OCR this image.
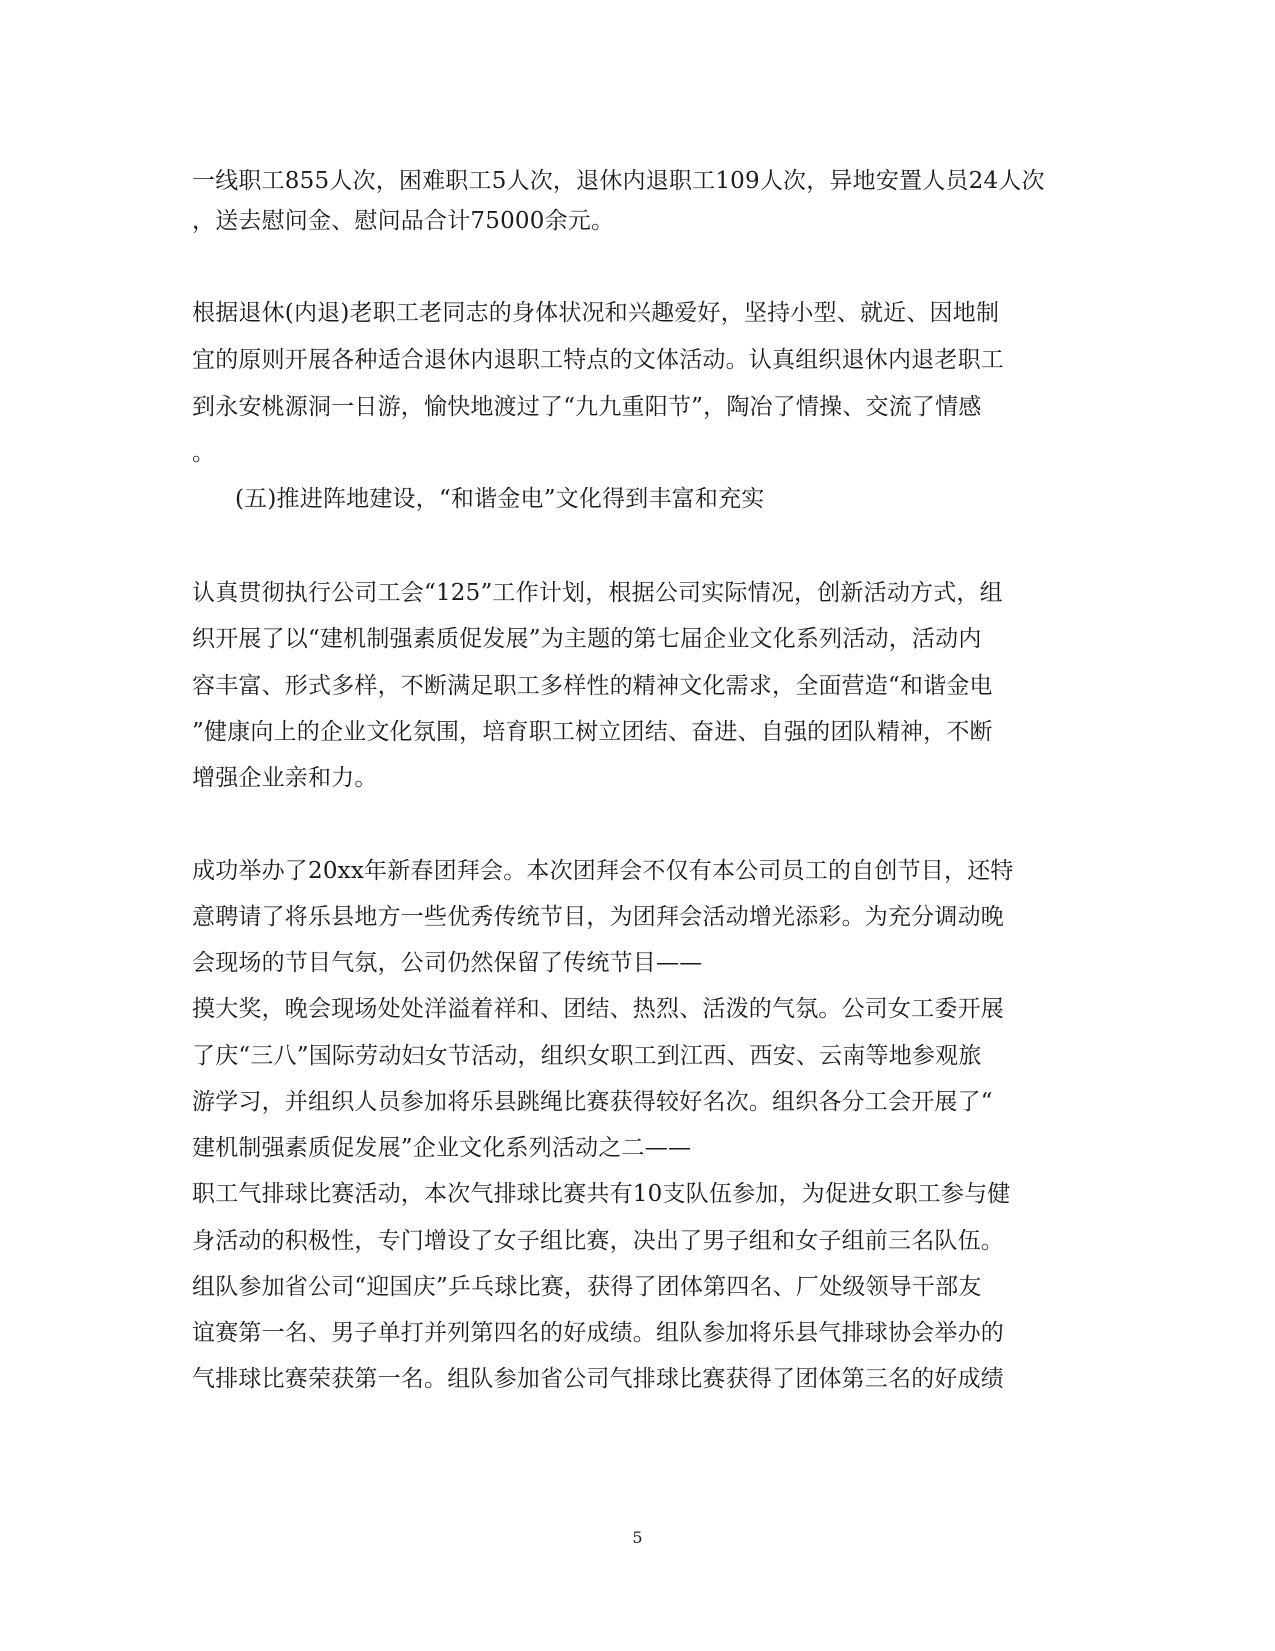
一线职工855人次，困难职工5人次，退休内退职工109人次，异地安置人员24人次
，送去慰问金、慰问品合计75000余元。
根据退休(内退)老职工老同志的身体状况和兴趣爱好，坚持小型、就近、因地制
宜的原则开展各种适合退休内退职工特点的文体活动。认真组织退休内退老职工
到永安桃源洞一日游，愉快地渡过了“九九重阳节”，陶冶了情操、交流了情感
。
(五)推进阵地建设，“和谐金电”文化得到丰富和充实
认真贯彻执行公司工会“125”工作计划，根据公司实际情况，创新活动方式，组
织开展了以“建机制强素质促发展”为主题的第七届企业文化系列活动，活动内
容丰富、形式多样，不断满足职工多样性的精神文化需求，全面营造“和谐金电
”健康向上的企业文化氛围，培育职工树立团结、奋进、自强的团队精神，不断
增强企业亲和力。
成功举办了20xx年新春团拜会。本次团拜会不仅有本公司员工的自创节目，还特
意聘请了将乐县地方一些优秀传统节目，为团拜会活动增光添彩。为充分调动晚
会现场的节目气氛，公司仍然保留了传统节目——
摸大奖，晚会现场处处洋溢着祥和、团结、热烈、活泼的气氛。公司女工委开展
了庆“三八”国际劳动妇女节活动，组织女职工到江西、西安、云南等地参观旅
游学习，并组织人员参加将乐县跳绳比赛获得较好名次。组织各分工会开展了“
建机制强素质促发展”企业文化系列活动之二——
职工气排球比赛活动，本次气排球比赛共有10支队伍参加，为促进女职工参与健
身活动的积极性，专门增设了女子组比赛，决出了男子组和女子组前三名队伍。
组队参加省公司“迎国庆”乒乓球比赛，获得了团体第四名、厂处级领导干部友
谊赛第一名、男子单打并列第四名的好成绩。组队参加将乐县气排球协会举办的
气排球比赛荣获第一名。组队参加省公司气排球比赛获得了团体第三名的好成绩
5
